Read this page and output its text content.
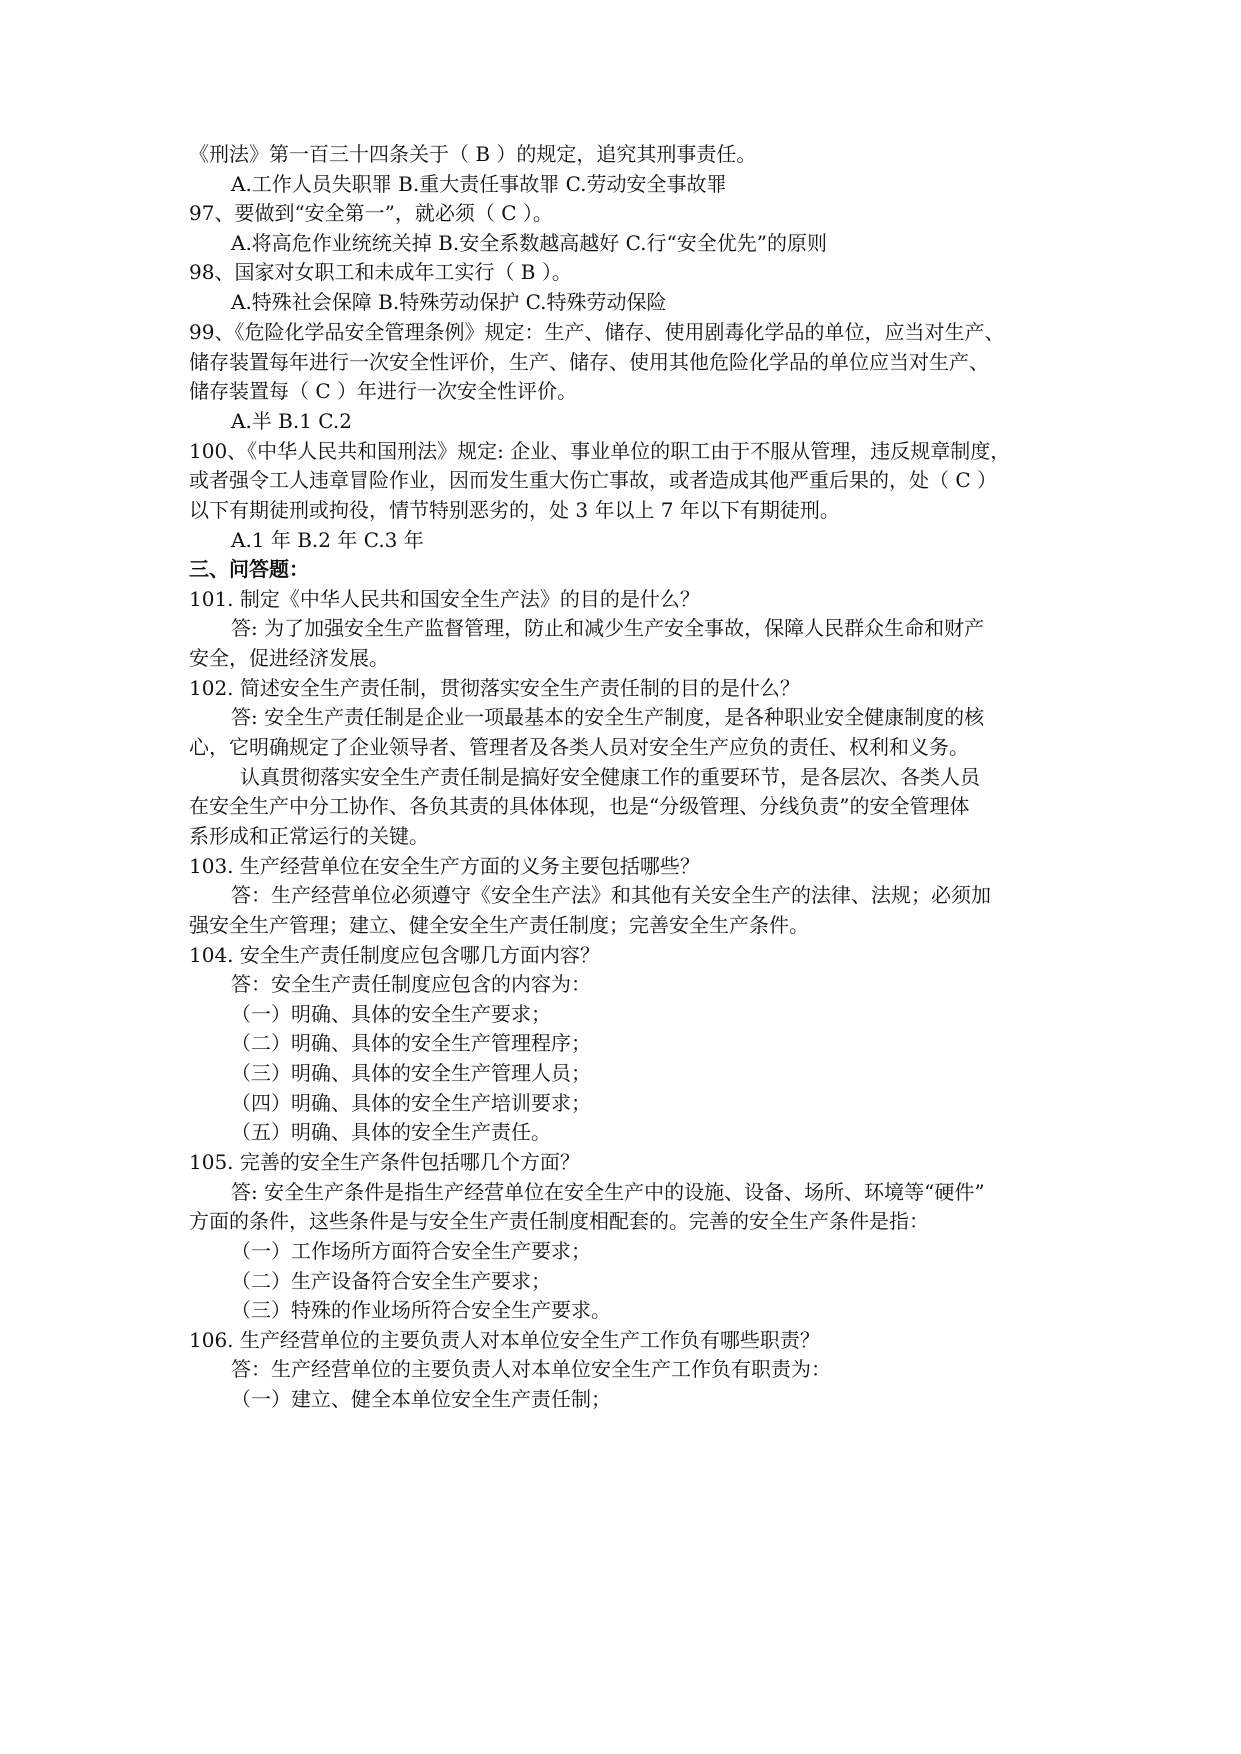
《刑法》第一百三十四条关于（ B ）的规定，追究其刑事责任。
A.工作人员失职罪 B.重大责任事故罪 C.劳动安全事故罪
97、要做到“安全第一”，就必须（ C ）。
A.将高危作业统统关掉 B.安全系数越高越好 C.行“安全优先”的原则
98、国家对女职工和未成年工实行（ B ）。
A.特殊社会保障 B.特殊劳动保护 C.特殊劳动保险
99、《危险化学品安全管理条例》规定：生产、储存、使用剧毒化学品的单位，应当对生产、
储存装置每年进行一次安全性评价，生产、储存、使用其他危险化学品的单位应当对生产、
储存装置每（ C ）年进行一次安全性评价。
A.半 B.1 C.2
100、《中华人民共和国刑法》规定: 企业、事业单位的职工由于不服从管理，违反规章制度，
或者强令工人违章冒险作业，因而发生重大伤亡事故，或者造成其他严重后果的，处（ C ）
以下有期徒刑或拘役，情节特别恶劣的，处 3 年以上 7 年以下有期徒刑。
A.1 年 B.2 年 C.3 年
三、问答题：
101. 制定《中华人民共和国安全生产法》的目的是什么？
答: 为了加强安全生产监督管理，防止和减少生产安全事故，保障人民群众生命和财产
安全，促进经济发展。
102. 简述安全生产责任制，贯彻落实安全生产责任制的目的是什么？
答: 安全生产责任制是企业一项最基本的安全生产制度，是各种职业安全健康制度的核
心，它明确规定了企业领导者、管理者及各类人员对安全生产应负的责任、权利和义务。
认真贯彻落实安全生产责任制是搞好安全健康工作的重要环节，是各层次、各类人员
在安全生产中分工协作、各负其责的具体体现，也是“分级管理、分线负责”的安全管理体
系形成和正常运行的关键。
103. 生产经营单位在安全生产方面的义务主要包括哪些？
答：生产经营单位必须遵守《安全生产法》和其他有关安全生产的法律、法规；必须加
强安全生产管理；建立、健全安全生产责任制度；完善安全生产条件。
104. 安全生产责任制度应包含哪几方面内容？
答：安全生产责任制度应包含的内容为：
（一）明确、具体的安全生产要求；
（二）明确、具体的安全生产管理程序；
（三）明确、具体的安全生产管理人员；
（四）明确、具体的安全生产培训要求；
（五）明确、具体的安全生产责任。
105. 完善的安全生产条件包括哪几个方面？
答: 安全生产条件是指生产经营单位在安全生产中的设施、设备、场所、环境等“硬件”
方面的条件，这些条件是与安全生产责任制度相配套的。完善的安全生产条件是指：
（一）工作场所方面符合安全生产要求；
（二）生产设备符合安全生产要求；
（三）特殊的作业场所符合安全生产要求。
106. 生产经营单位的主要负责人对本单位安全生产工作负有哪些职责？
答：生产经营单位的主要负责人对本单位安全生产工作负有职责为：
（一）建立、健全本单位安全生产责任制；
